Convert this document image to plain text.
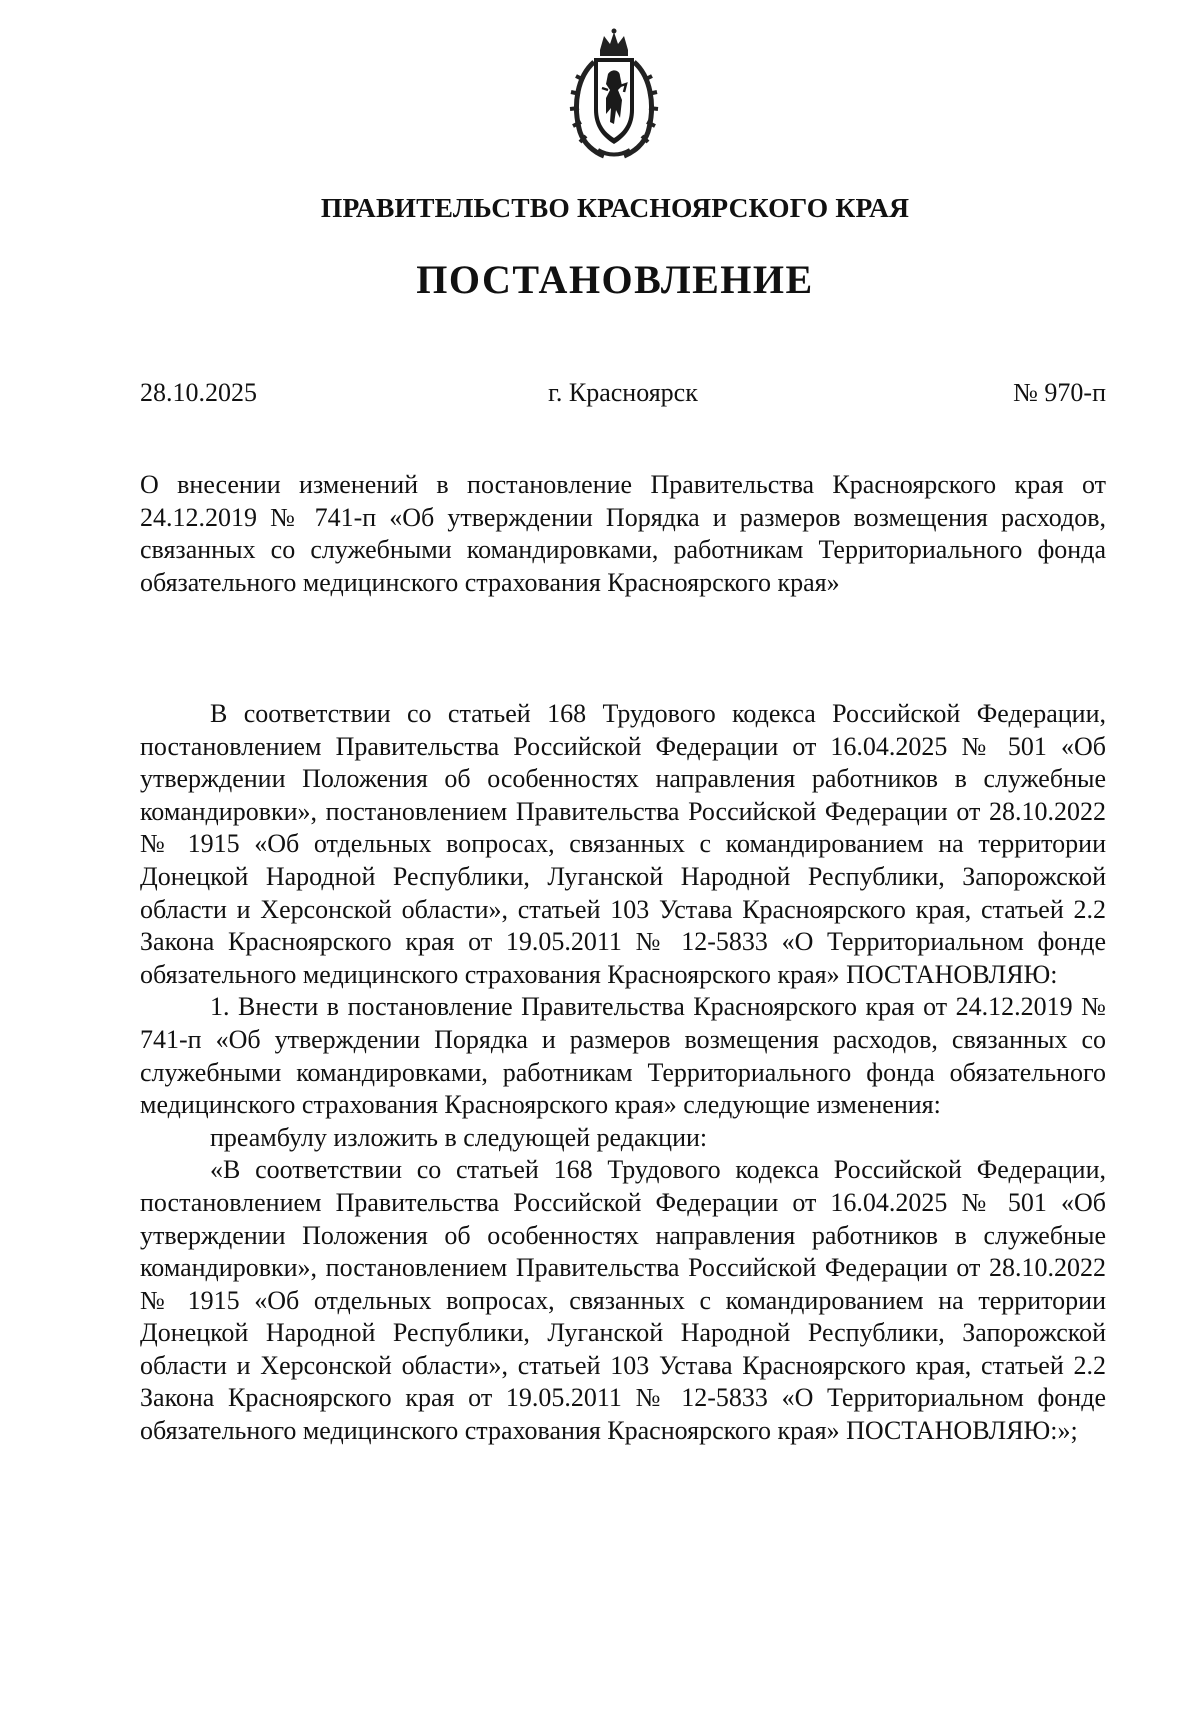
ПРАВИТЕЛЬСТВО КРАСНОЯРСКОГО КРАЯ
ПОСТАНОВЛЕНИЕ
28.10.2025	г. Красноярск	№ 970-п
О внесении изменений в постановление Правительства Красноярского края от 24.12.2019 № 741-п «Об утверждении Порядка и размеров возмещения расходов, связанных со служебными командировками, работникам Территориального фонда обязательного медицинского страхования Красноярского края»

В соответствии со статьей 168 Трудового кодекса Российской Федерации, постановлением Правительства Российской Федерации от 16.04.2025 № 501 «Об утверждении Положения об особенностях направления работников в служебные командировки», постановлением Правительства Российской Федерации от 28.10.2022 № 1915 «Об отдельных вопросах, связанных с командированием на территории Донецкой Народной Республики, Луганской Народной Республики, Запорожской области и Херсонской области», статьей 103 Устава Красноярского края, статьей 2.2 Закона Красноярского края от 19.05.2011 № 12-5833 «О Территориальном фонде обязательного медицинского страхования Красноярского края» ПОСТАНОВЛЯЮ:

1. Внести в постановление Правительства Красноярского края от 24.12.2019 № 741-п «Об утверждении Порядка и размеров возмещения расходов, связанных со служебными командировками, работникам Территориального фонда обязательного медицинского страхования Красноярского края» следующие изменения:

преамбулу изложить в следующей редакции:

«В соответствии со статьей 168 Трудового кодекса Российской Федерации, постановлением Правительства Российской Федерации от 16.04.2025 № 501 «Об утверждении Положения об особенностях направления работников в служебные командировки», постановлением Правительства Российской Федерации от 28.10.2022 № 1915 «Об отдельных вопросах, связанных с командированием на территории Донецкой Народной Республики, Луганской Народной Республики, Запорожской области и Херсонской области», статьей 103 Устава Красноярского края, статьей 2.2 Закона Красноярского края от 19.05.2011 № 12-5833 «О Территориальном фонде обязательного медицинского страхования Красноярского края» ПОСТАНОВЛЯЮ:»;
